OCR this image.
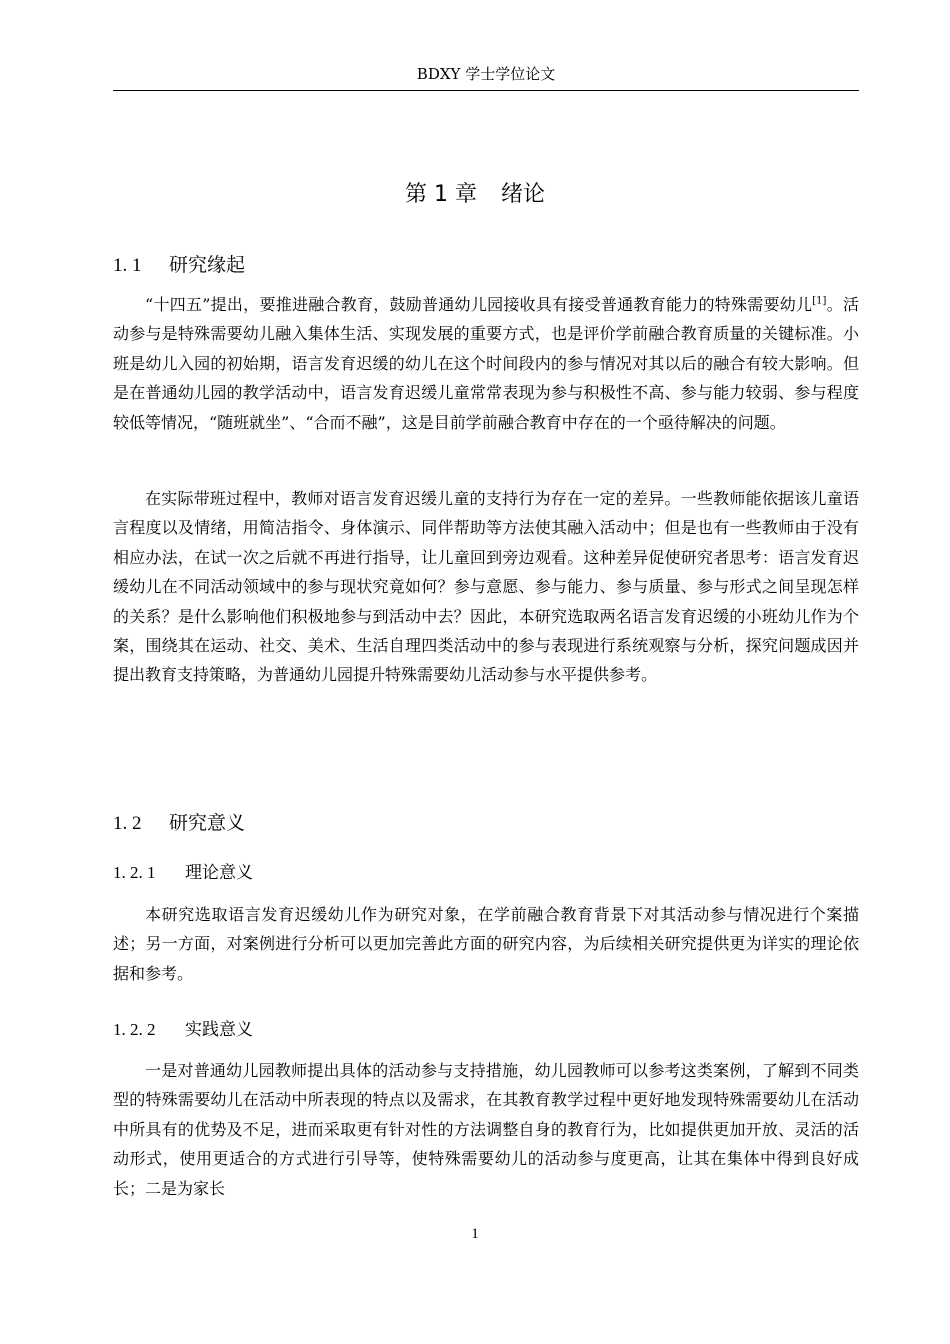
BDXY 学士学位论文
第 1 章 绪论
1. 1 研究缘起

“十四五”提出，要推进融合教育，鼓励普通幼儿园接收具有接受普通教育能力的特殊需要幼儿[1]。活动参与是特殊需要幼儿融入集体生活、实现发展的重要方式，也是评价学前融合教育质量的关键标准。小班是幼儿入园的初始期，语言发育迟缓的幼儿在这个时间段内的参与情况对其以后的融合有较大影响。但是在普通幼儿园的教学活动中，语言发育迟缓儿童常常表现为参与积极性不高、参与能力较弱、参与程度较低等情况，“随班就坐”、“合而不融”，这是目前学前融合教育中存在的一个亟待解决的问题。

在实际带班过程中，教师对语言发育迟缓儿童的支持行为存在一定的差异。一些教师能依据该儿童语言程度以及情绪，用简洁指令、身体演示、同伴帮助等方法使其融入活动中；但是也有一些教师由于没有相应办法，在试一次之后就不再进行指导，让儿童回到旁边观看。这种差异促使研究者思考：语言发育迟缓幼儿在不同活动领域中的参与现状究竟如何？参与意愿、参与能力、参与质量、参与形式之间呈现怎样的关系？是什么影响他们积极地参与到活动中去？因此，本研究选取两名语言发育迟缓的小班幼儿作为个案，围绕其在运动、社交、美术、生活自理四类活动中的参与表现进行系统观察与分析，探究问题成因并提出教育支持策略，为普通幼儿园提升特殊需要幼儿活动参与水平提供参考。

1. 2 研究意义
1. 2. 1 理论意义

本研究选取语言发育迟缓幼儿作为研究对象，在学前融合教育背景下对其活动参与情况进行个案描述；另一方面，对案例进行分析可以更加完善此方面的研究内容，为后续相关研究提供更为详实的理论依据和参考。

1. 2. 2 实践意义

一是对普通幼儿园教师提出具体的活动参与支持措施，幼儿园教师可以参考这类案例，了解到不同类型的特殊需要幼儿在活动中所表现的特点以及需求，在其教育教学过程中更好地发现特殊需要幼儿在活动中所具有的优势及不足，进而采取更有针对性的方法调整自身的教育行为，比如提供更加开放、灵活的活动形式，使用更适合的方式进行引导等，使特殊需要幼儿的活动参与度更高，让其在集体中得到良好成长；二是为家长

1
